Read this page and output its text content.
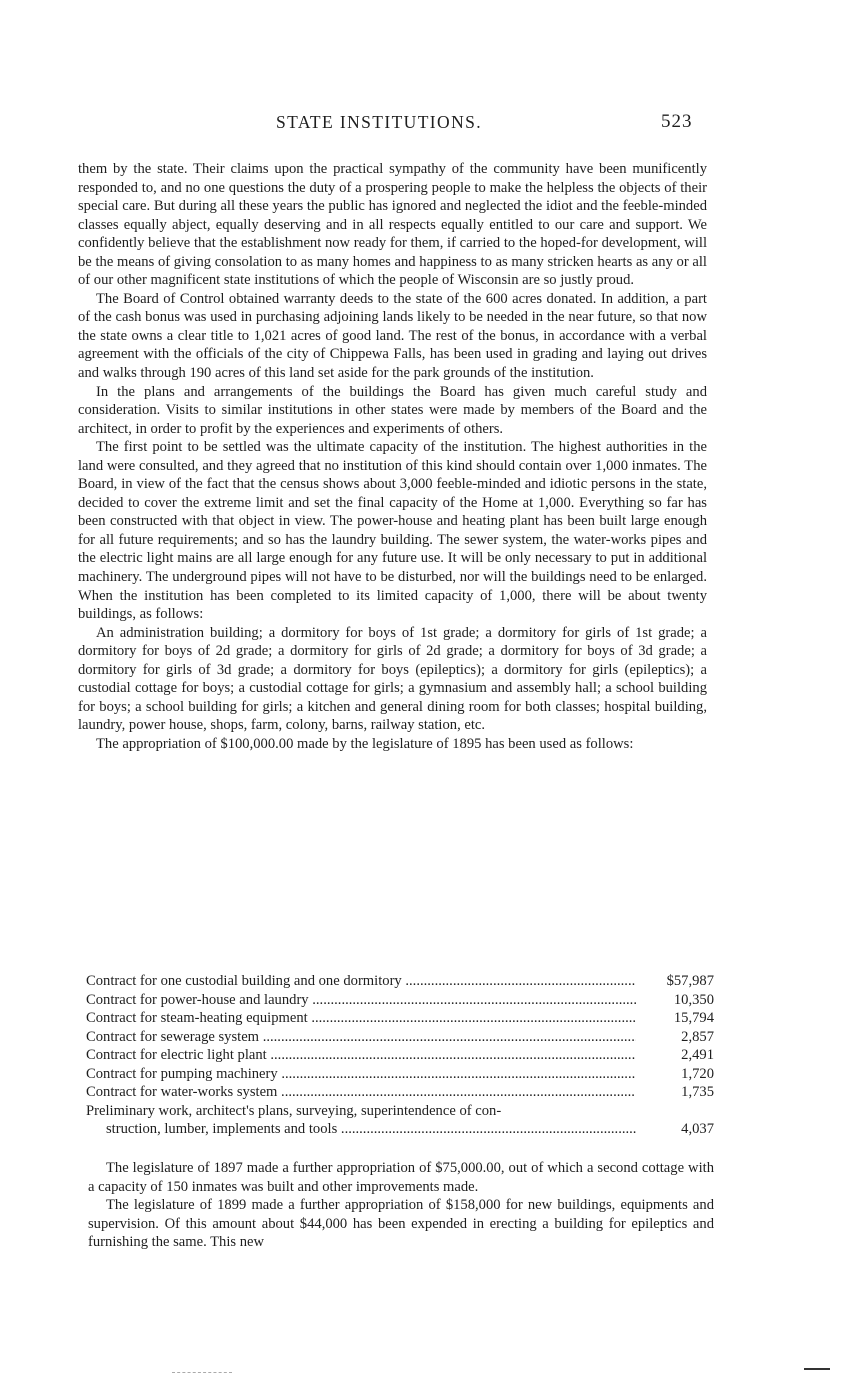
STATE INSTITUTIONS.	523

them by the state. Their claims upon the practical sympathy of the community have been munificently responded to, and no one questions the duty of a prospering people to make the helpless the objects of their special care. But during all these years the public has ignored and neglected the idiot and the feeble-minded classes equally abject, equally deserving and in all respects equally entitled to our care and support. We confidently believe that the establishment now ready for them, if carried to the hoped-for development, will be the means of giving consolation to as many homes and happiness to as many stricken hearts as any or all of our other magnificent state institutions of which the people of Wisconsin are so justly proud.

The Board of Control obtained warranty deeds to the state of the 600 acres donated. In addition, a part of the cash bonus was used in purchasing adjoining lands likely to be needed in the near future, so that now the state owns a clear title to 1,021 acres of good land. The rest of the bonus, in accordance with a verbal agreement with the officials of the city of Chippewa Falls, has been used in grading and laying out drives and walks through 190 acres of this land set aside for the park grounds of the institution.

In the plans and arrangements of the buildings the Board has given much careful study and consideration. Visits to similar institutions in other states were made by members of the Board and the architect, in order to profit by the experiences and experiments of others.

The first point to be settled was the ultimate capacity of the institution. The highest authorities in the land were consulted, and they agreed that no institution of this kind should contain over 1,000 inmates. The Board, in view of the fact that the census shows about 3,000 feeble-minded and idiotic persons in the state, decided to cover the extreme limit and set the final capacity of the Home at 1,000. Everything so far has been constructed with that object in view. The power-house and heating plant has been built large enough for all future requirements; and so has the laundry building. The sewer system, the water-works pipes and the electric light mains are all large enough for any future use. It will be only necessary to put in additional machinery. The underground pipes will not have to be disturbed, nor will the buildings need to be enlarged. When the institution has been completed to its limited capacity of 1,000, there will be about twenty buildings, as follows:

An administration building; a dormitory for boys of 1st grade; a dormitory for girls of 1st grade; a dormitory for boys of 2d grade; a dormitory for girls of 2d grade; a dormitory for boys of 3d grade; a dormitory for girls of 3d grade; a dormitory for boys (epileptics); a dormitory for girls (epileptics); a custodial cottage for boys; a custodial cottage for girls; a gymnasium and assembly hall; a school building for boys; a school building for girls; a kitchen and general dining room for both classes; hospital building, laundry, power house, shops, farm, colony, barns, railway station, etc.

The appropriation of $100,000.00 made by the legislature of 1895 has been used as follows:

Contract for one custodial building and one dormitory .....	$57,987
Contract for power-house and laundry .....	10,350
Contract for steam-heating equipment .....	15,794
Contract for sewerage system .....	2,857
Contract for electric light plant .....	2,491
Contract for pumping machinery .....	1,720
Contract for water-works system .....	1,735
Preliminary work, architect's plans, surveying, superintendence of con-
struction, lumber, implements and tools .....	4,037

The legislature of 1897 made a further appropriation of $75,000.00, out of which a second cottage with a capacity of 150 inmates was built and other improvements made.

The legislature of 1899 made a further appropriation of $158,000 for new buildings, equipments and supervision. Of this amount about $44,000 has been expended in erecting a building for epileptics and furnishing the same. This new
